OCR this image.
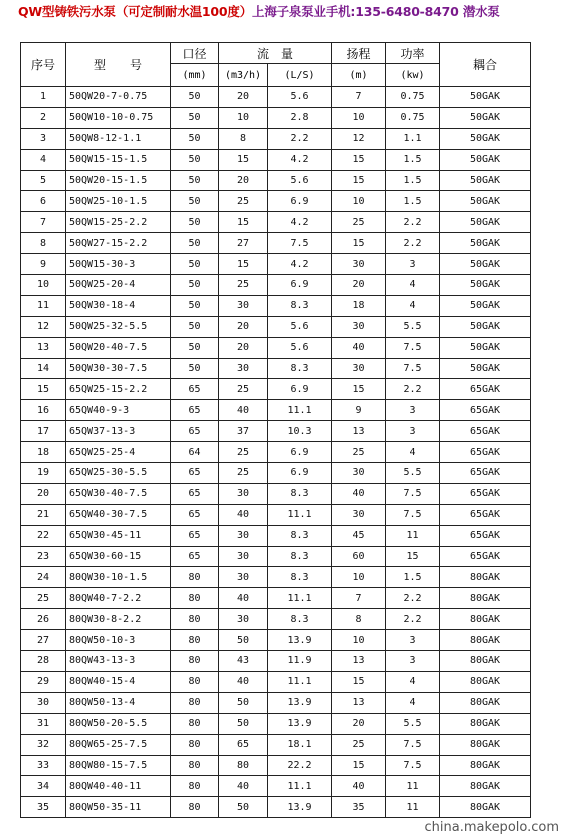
QW型铸铁污水泵（可定制耐水温100度）上海子泉泵业手机:135-6480-8470 潜水泵
序号	型　　号	口径	流　量		扬程	功率	耦合
		(mm)	(m3/h)	(L/S)	(m)	(kw)	
1	50QW20-7-0.75	50	20	5.6	7	0.75	50GAK
2	50QW10-10-0.75	50	10	2.8	10	0.75	50GAK
3	50QW8-12-1.1	50	8	2.2	12	1.1	50GAK
4	50QW15-15-1.5	50	15	4.2	15	1.5	50GAK
5	50QW20-15-1.5	50	20	5.6	15	1.5	50GAK
6	50QW25-10-1.5	50	25	6.9	10	1.5	50GAK
7	50QW15-25-2.2	50	15	4.2	25	2.2	50GAK
8	50QW27-15-2.2	50	27	7.5	15	2.2	50GAK
9	50QW15-30-3	50	15	4.2	30	3	50GAK
10	50QW25-20-4	50	25	6.9	20	4	50GAK
11	50QW30-18-4	50	30	8.3	18	4	50GAK
12	50QW25-32-5.5	50	20	5.6	30	5.5	50GAK
13	50QW20-40-7.5	50	20	5.6	40	7.5	50GAK
14	50QW30-30-7.5	50	30	8.3	30	7.5	50GAK
15	65QW25-15-2.2	65	25	6.9	15	2.2	65GAK
16	65QW40-9-3	65	40	11.1	9	3	65GAK
17	65QW37-13-3	65	37	10.3	13	3	65GAK
18	65QW25-25-4	64	25	6.9	25	4	65GAK
19	65QW25-30-5.5	65	25	6.9	30	5.5	65GAK
20	65QW30-40-7.5	65	30	8.3	40	7.5	65GAK
21	65QW40-30-7.5	65	40	11.1	30	7.5	65GAK
22	65QW30-45-11	65	30	8.3	45	11	65GAK
23	65QW30-60-15	65	30	8.3	60	15	65GAK
24	80QW30-10-1.5	80	30	8.3	10	1.5	80GAK
25	80QW40-7-2.2	80	40	11.1	7	2.2	80GAK
26	80QW30-8-2.2	80	30	8.3	8	2.2	80GAK
27	80QW50-10-3	80	50	13.9	10	3	80GAK
28	80QW43-13-3	80	43	11.9	13	3	80GAK
29	80QW40-15-4	80	40	11.1	15	4	80GAK
30	80QW50-13-4	80	50	13.9	13	4	80GAK
31	80QW50-20-5.5	80	50	13.9	20	5.5	80GAK
32	80QW65-25-7.5	80	65	18.1	25	7.5	80GAK
33	80QW80-15-7.5	80	80	22.2	15	7.5	80GAK
34	80QW40-40-11	80	40	11.1	40	11	80GAK
35	80QW50-35-11	80	50	13.9	35	11	80GAK
china.makepolo.com
